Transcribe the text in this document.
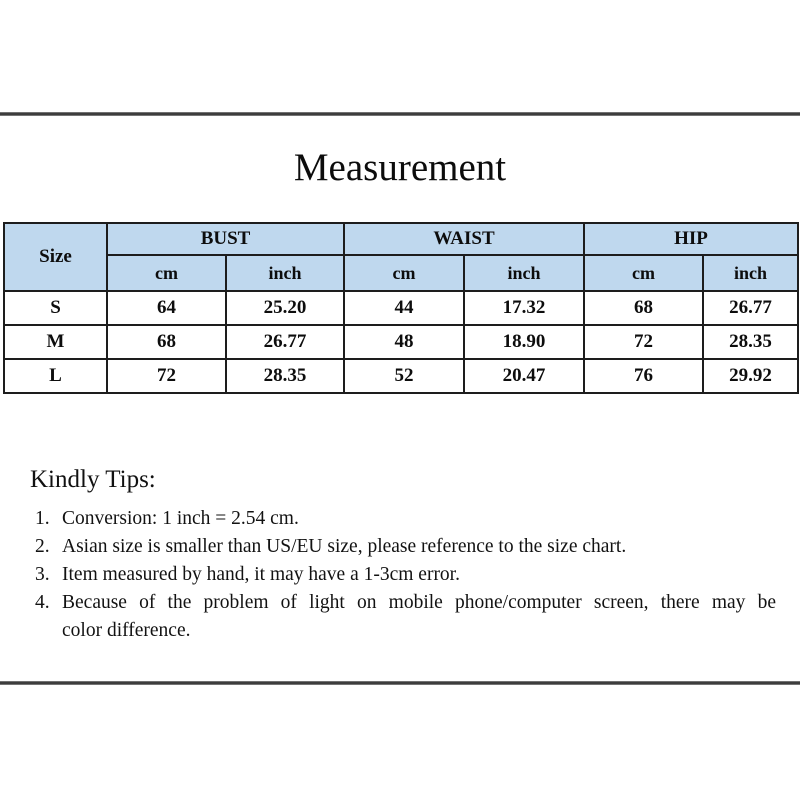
Measurement
Size	BUST		WAIST		HIP	
	cm	inch	cm	inch	cm	inch
S	64	25.20	44	17.32	68	26.77
M	68	26.77	48	18.90	72	28.35
L	72	28.35	52	20.47	76	29.92
Kindly Tips:
1. Conversion: 1 inch = 2.54 cm.
2. Asian size is smaller than US/EU size, please reference to the size chart.
3. Item measured by hand, it may have a 1-3cm error.
4. Because of the problem of light on mobile phone/computer screen, there may be
color difference.
